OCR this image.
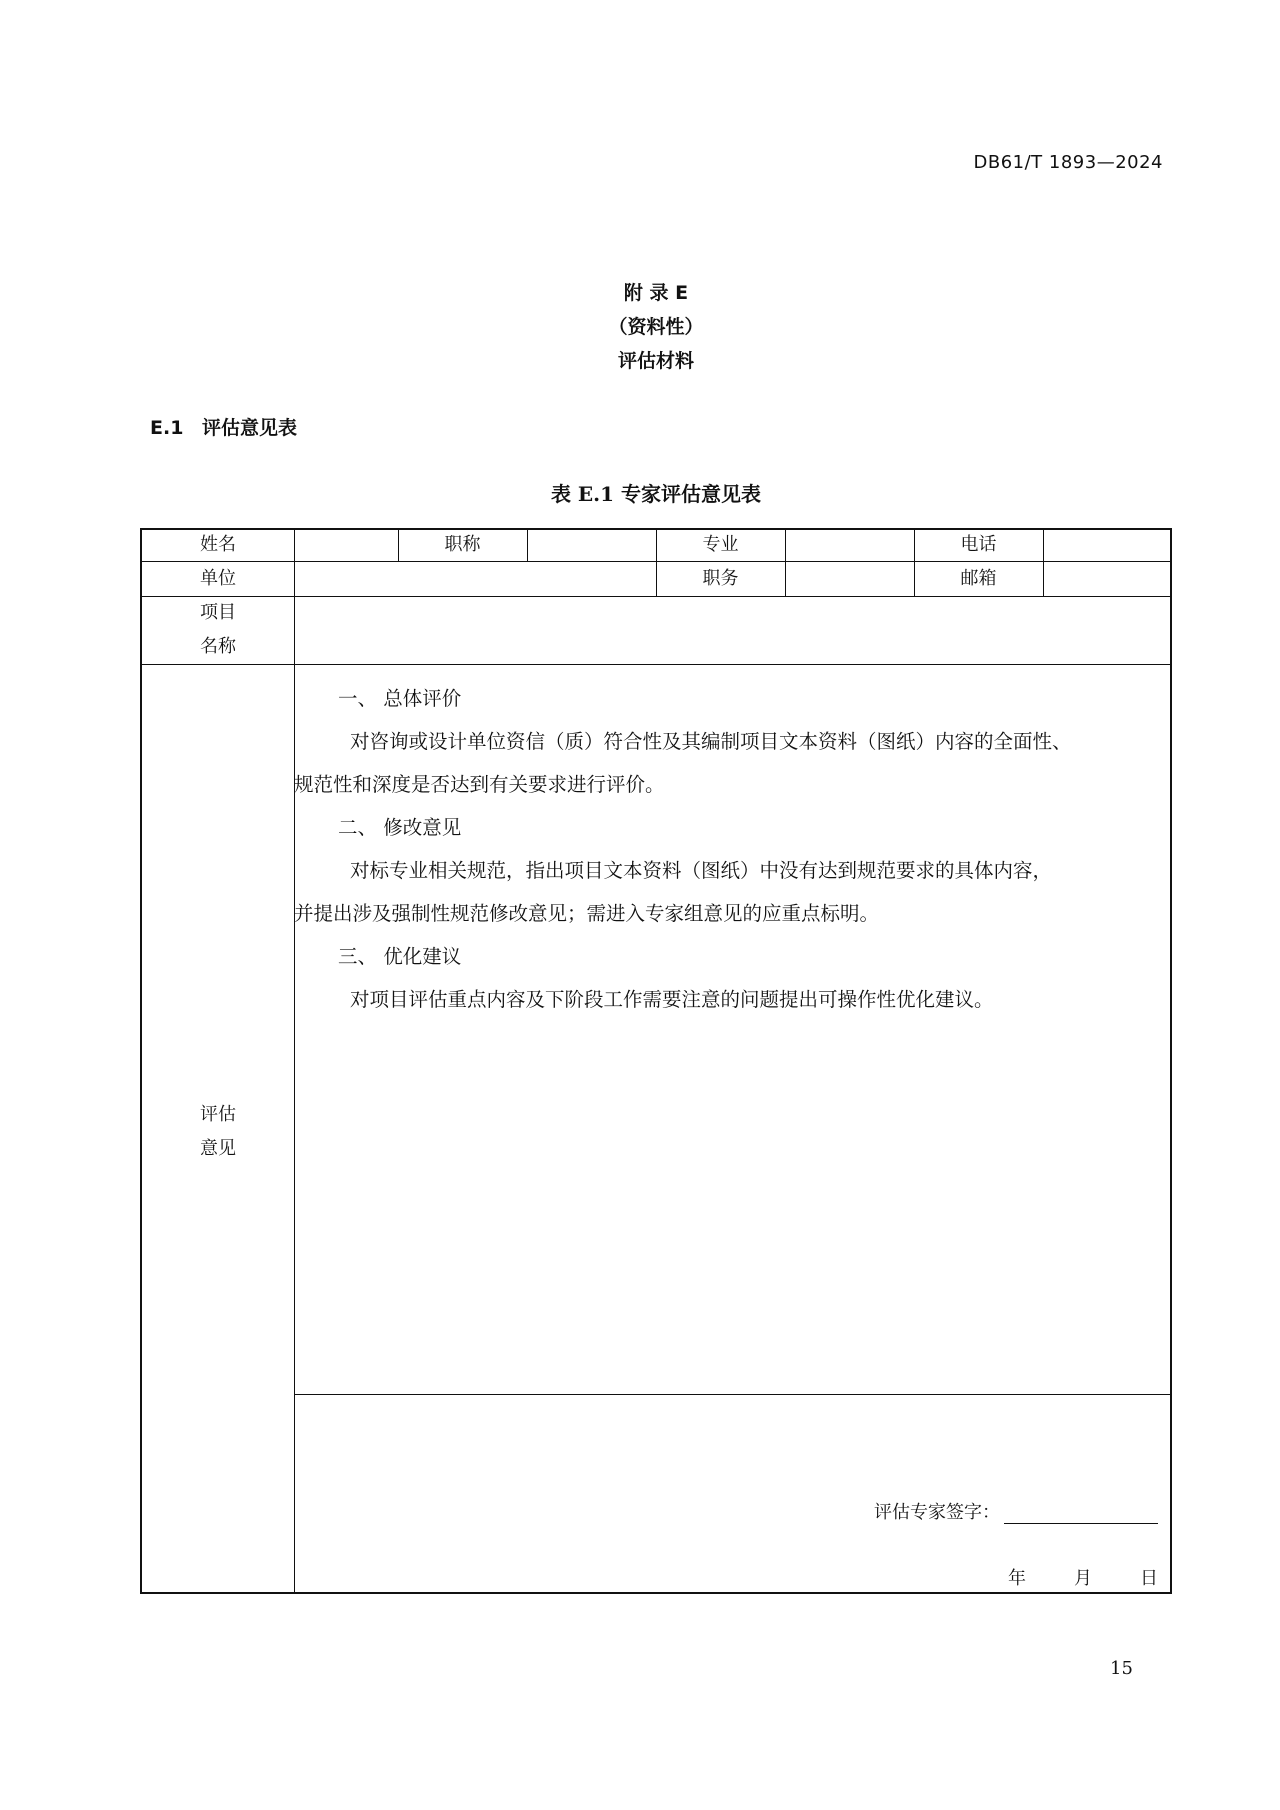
DB61/T 1893—2024
附 录 E
（资料性）
评估材料
E.1 评估意见表
表 E.1 专家评估意见表
姓名	职称	专业	电话
单位	职务	邮箱
项目
名称
评估
意见
一、 总体评价
对咨询或设计单位资信（质）符合性及其编制项目文本资料（图纸）内容的全面性、
规范性和深度是否达到有关要求进行评价。
二、 修改意见
对标专业相关规范，指出项目文本资料（图纸）中没有达到规范要求的具体内容，
并提出涉及强制性规范修改意见；需进入专家组意见的应重点标明。
三、 优化建议
对项目评估重点内容及下阶段工作需要注意的问题提出可操作性优化建议。
评估专家签字：
年	月	日
15
